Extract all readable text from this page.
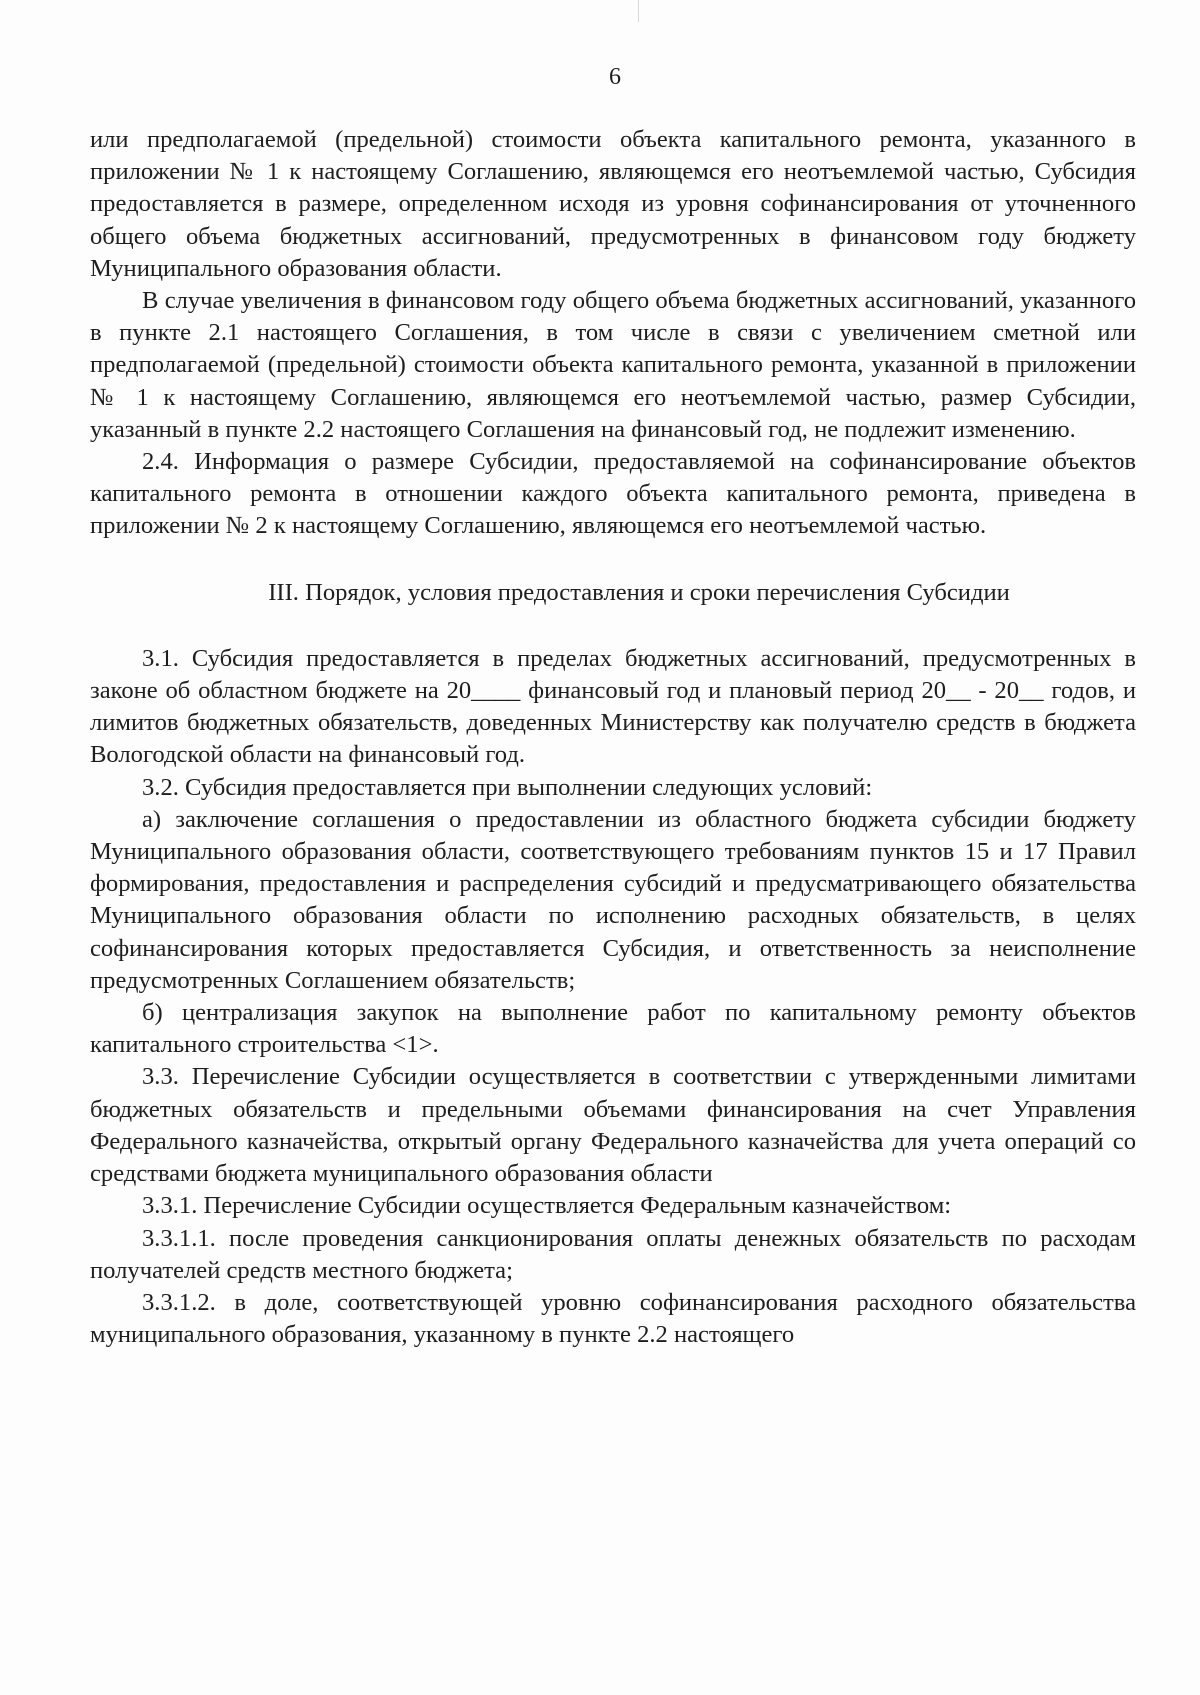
6

или предполагаемой (предельной) стоимости объекта капитального ремонта, указанного в приложении № 1 к настоящему Соглашению, являющемся его неотъемлемой частью, Субсидия предоставляется в размере, определенном исходя из уровня софинансирования от уточненного общего объема бюджетных ассигнований, предусмотренных в финансовом году бюджету Муниципального образования области.

В случае увеличения в финансовом году общего объема бюджетных ассигнований, указанного в пункте 2.1 настоящего Соглашения, в том числе в связи с увеличением сметной или предполагаемой (предельной) стоимости объекта капитального ремонта, указанной в приложении № 1 к настоящему Соглашению, являющемся его неотъемлемой частью, размер Субсидии, указанный в пункте 2.2 настоящего Соглашения на финансовый год, не подлежит изменению.

2.4. Информация о размере Субсидии, предоставляемой на софинансирование объектов капитального ремонта в отношении каждого объекта капитального ремонта, приведена в приложении № 2 к настоящему Соглашению, являющемся его неотъемлемой частью.

III. Порядок, условия предоставления и сроки перечисления Субсидии

3.1. Субсидия предоставляется в пределах бюджетных ассигнований, предусмотренных в законе об областном бюджете на 20____ финансовый год и плановый период 20__ - 20__ годов, и лимитов бюджетных обязательств, доведенных Министерству как получателю средств в бюджета Вологодской области на финансовый год.

3.2. Субсидия предоставляется при выполнении следующих условий:

а) заключение соглашения о предоставлении из областного бюджета субсидии бюджету Муниципального образования области, соответствующего требованиям пунктов 15 и 17 Правил формирования, предоставления и распределения субсидий и предусматривающего обязательства Муниципального образования области по исполнению расходных обязательств, в целях софинансирования которых предоставляется Субсидия, и ответственность за неисполнение предусмотренных Соглашением обязательств;

б) централизация закупок на выполнение работ по капитальному ремонту объектов капитального строительства <1>.

3.3. Перечисление Субсидии осуществляется в соответствии с утвержденными лимитами бюджетных обязательств и предельными объемами финансирования на счет Управления Федерального казначейства, открытый органу Федерального казначейства для учета операций со средствами бюджета муниципального образования области

3.3.1. Перечисление Субсидии осуществляется Федеральным казначейством:

3.3.1.1. после проведения санкционирования оплаты денежных обязательств по расходам получателей средств местного бюджета;

3.3.1.2. в доле, соответствующей уровню софинансирования расходного обязательства муниципального образования, указанному в пункте 2.2 настоящего
